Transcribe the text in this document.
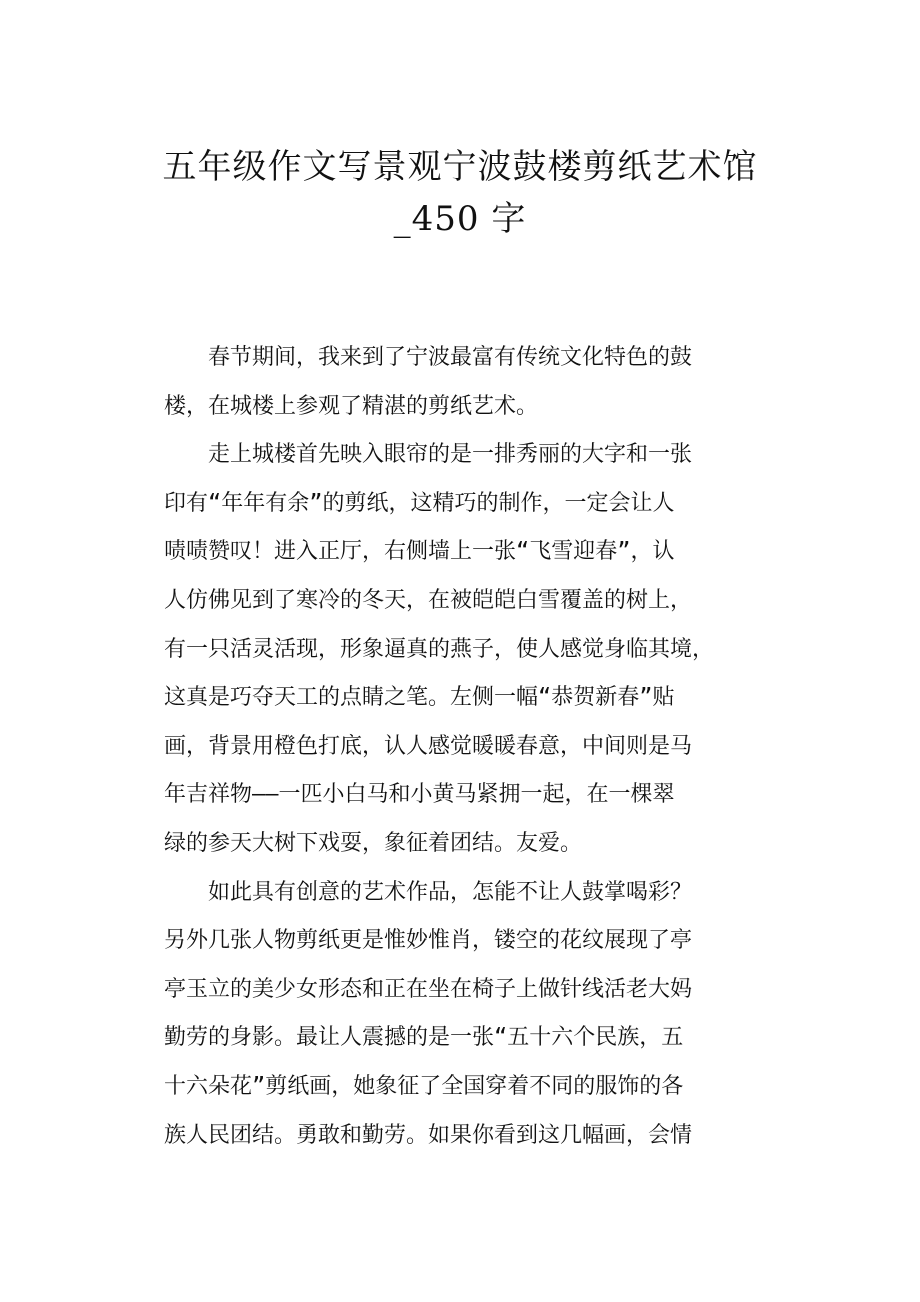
五年级作文写景观宁波鼓楼剪纸艺术馆
_450 字
　　春节期间，我来到了宁波最富有传统文化特色的鼓
楼，在城楼上参观了精湛的剪纸艺术。
　　走上城楼首先映入眼帘的是一排秀丽的大字和一张
印有“年年有余”的剪纸，这精巧的制作，一定会让人
啧啧赞叹！进入正厅，右侧墙上一张“飞雪迎春”，认
人仿佛见到了寒冷的冬天，在被皑皑白雪覆盖的树上，
有一只活灵活现，形象逼真的燕子，使人感觉身临其境，
这真是巧夺天工的点睛之笔。左侧一幅“恭贺新春”贴
画，背景用橙色打底，认人感觉暖暖春意，中间则是马
年吉祥物——一匹小白马和小黄马紧拥一起，在一棵翠
绿的参天大树下戏耍，象征着团结。友爱。
　　如此具有创意的艺术作品，怎能不让人鼓掌喝彩？
另外几张人物剪纸更是惟妙惟肖，镂空的花纹展现了亭
亭玉立的美少女形态和正在坐在椅子上做针线活老大妈
勤劳的身影。最让人震撼的是一张“五十六个民族，五
十六朵花”剪纸画，她象征了全国穿着不同的服饰的各
族人民团结。勇敢和勤劳。如果你看到这几幅画，会情
